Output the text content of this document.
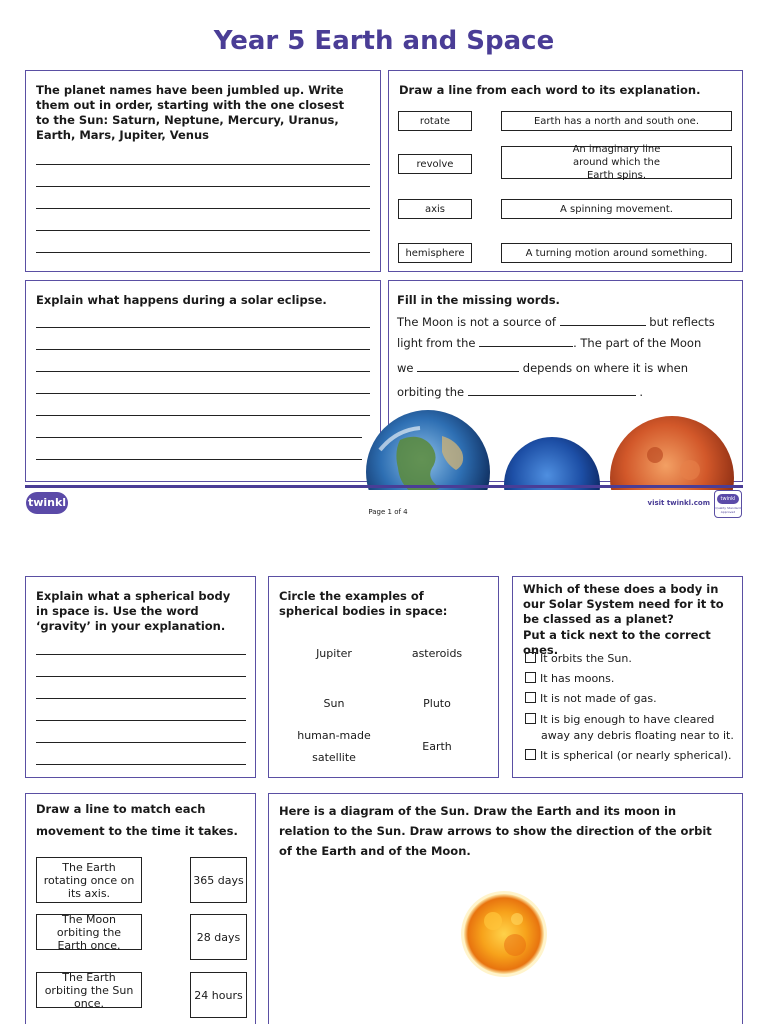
Year 5 Earth and Space
The planet names have been jumbled up. Write them out in order, starting with the one closest to the Sun: Saturn, Neptune, Mercury, Uranus, Earth, Mars, Jupiter, Venus
Draw a line from each word to its explanation.
rotate
revolve
axis
hemisphere
Earth has a north and south one.
An imaginary line around which the Earth spins.
A spinning movement.
A turning motion around something.
Explain what happens during a solar eclipse.	Fill in the missing words.
The Moon is not a source of	but reflects
light from the	. The part of the Moon
we	depends on where it is when
orbiting the	.
twinkl
Page 1 of 4
visit twinkl.com	twinkl
Quality Standard Approved
Explain what a spherical body in space is. Use the word ‘gravity’ in your explanation.
Circle the examples of spherical bodies in space:
Jupiter	asteroids
Sun	Pluto
human-made
satellite
Earth
Which of these does a body in our Solar System need for it to be classed as a planet?
Put a tick next to the correct ones.
It orbits the Sun.
It has moons.
It is not made of gas.
It is big enough to have cleared
away any debris floating near to it.
It is spherical (or nearly spherical).
Draw a line to match each
movement to the time it takes.
The Earth rotating once on its axis.
The Moon orbiting the Earth once.
The Earth orbiting the Sun once.
365 days
28 days
24 hours
Here is a diagram of the Sun. Draw the Earth and its moon in relation to the Sun. Draw arrows to show the direction of the orbit of the Earth and of the Moon.
